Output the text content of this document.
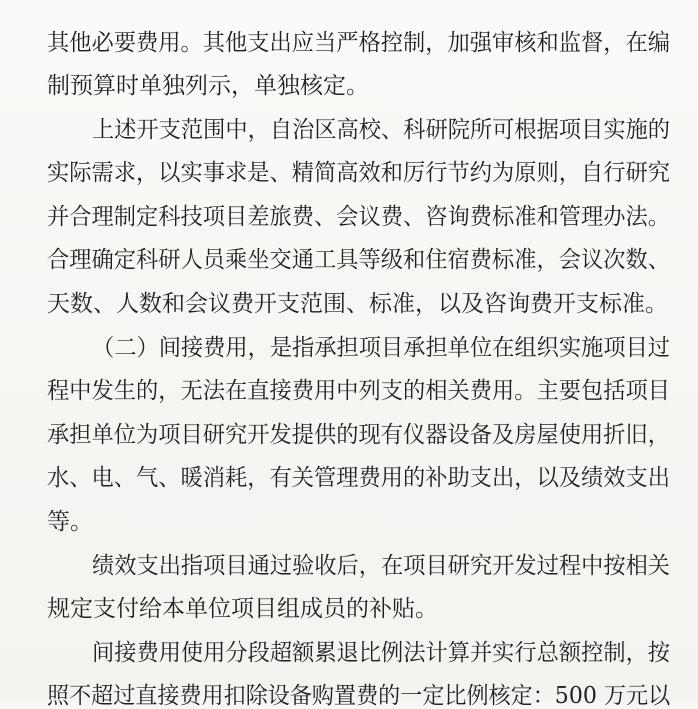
其他必要费用。其他支出应当严格控制，加强审核和监督，在编
制预算时单独列示，单独核定。
上述开支范围中，自治区高校、科研院所可根据项目实施的
实际需求，以实事求是、精简高效和厉行节约为原则，自行研究
并合理制定科技项目差旅费、会议费、咨询费标准和管理办法。
合理确定科研人员乘坐交通工具等级和住宿费标准，会议次数、
天数、人数和会议费开支范围、标准，以及咨询费开支标准。
（二）间接费用，是指承担项目承担单位在组织实施项目过
程中发生的，无法在直接费用中列支的相关费用。主要包括项目
承担单位为项目研究开发提供的现有仪器设备及房屋使用折旧，
水、电、气、暖消耗，有关管理费用的补助支出，以及绩效支出
等。
绩效支出指项目通过验收后，在项目研究开发过程中按相关
规定支付给本单位项目组成员的补贴。
间接费用使用分段超额累退比例法计算并实行总额控制，按
照不超过直接费用扣除设备购置费的一定比例核定：500 万元以
